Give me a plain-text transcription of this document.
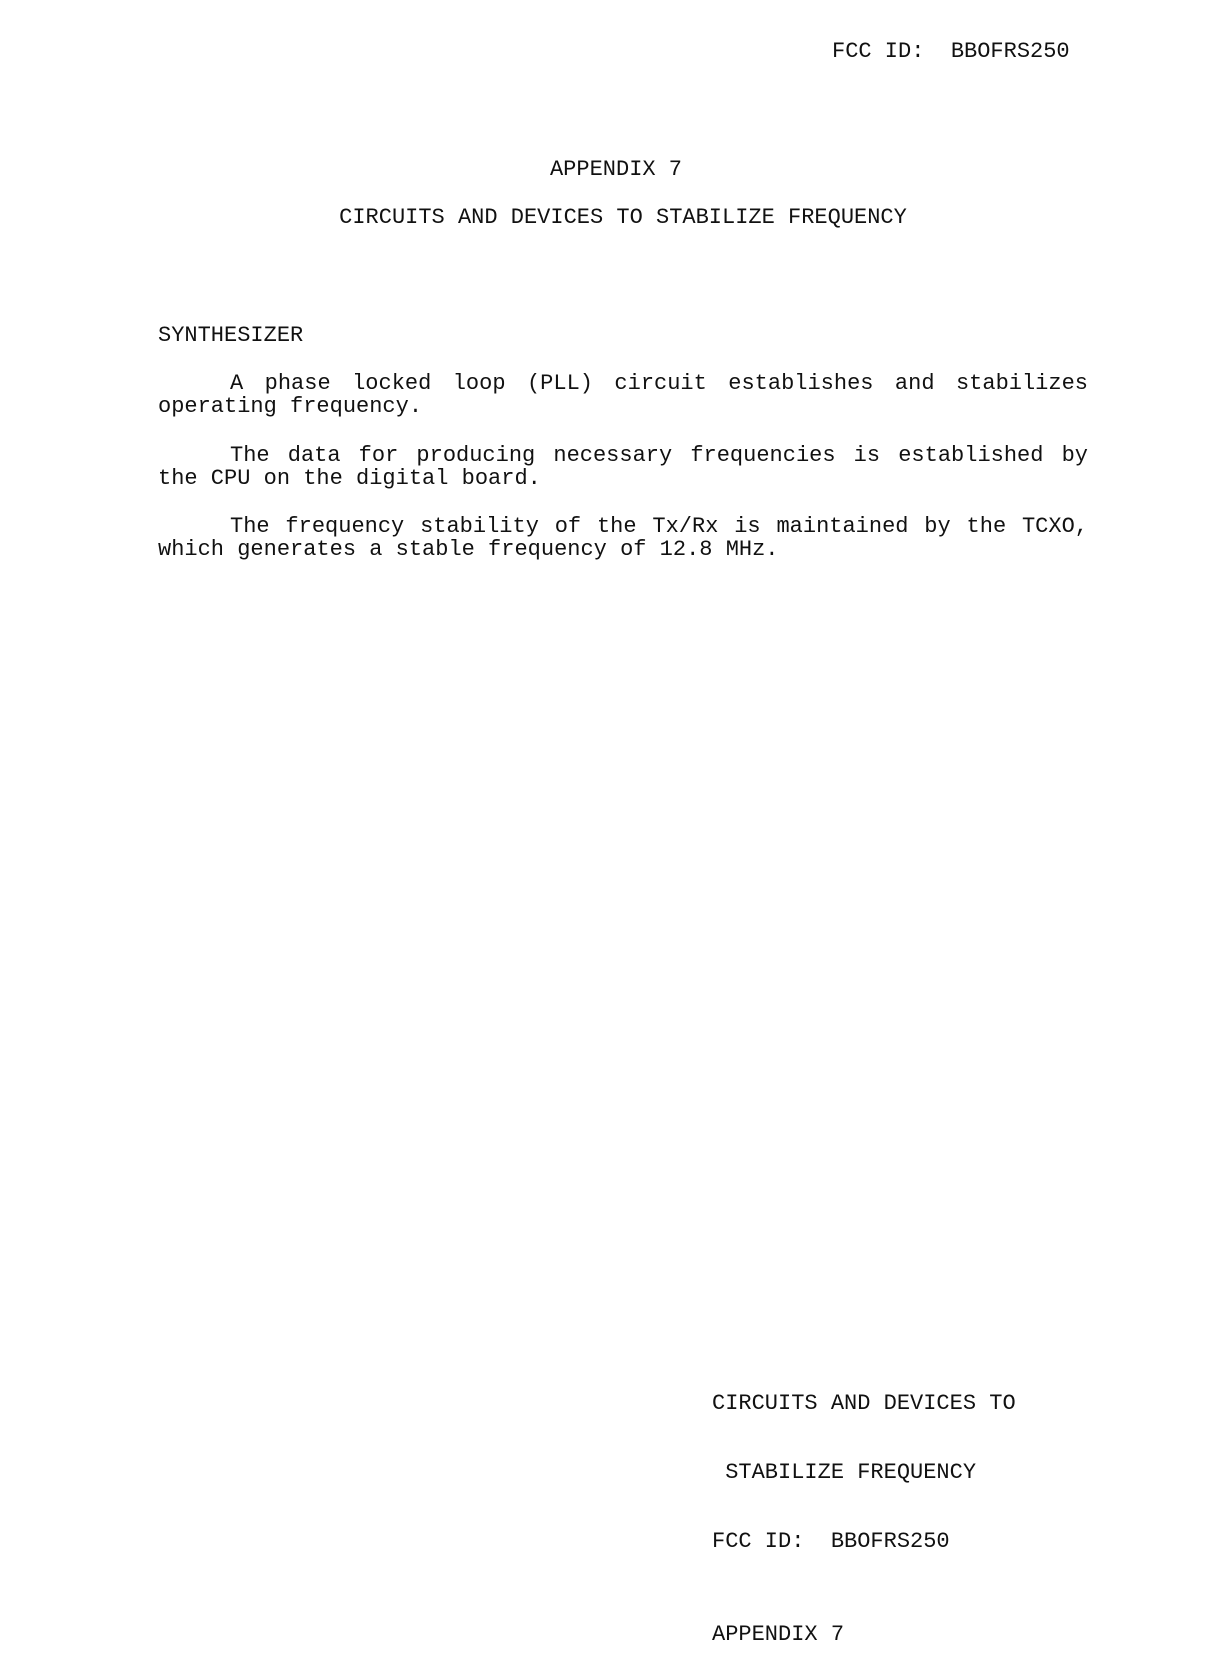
FCC ID:  BBOFRS250
APPENDIX 7
CIRCUITS AND DEVICES TO STABILIZE FREQUENCY
SYNTHESIZER
A phase locked loop (PLL) circuit establishes and stabilizes operating frequency.
The data for producing necessary frequencies is established by the CPU on the digital board.
The frequency stability of the Tx/Rx is maintained by the TCXO, which generates a stable frequency of 12.8 MHz.

CIRCUITS AND DEVICES TO

STABILIZE FREQUENCY

FCC ID:  BBOFRS250

APPENDIX 7
